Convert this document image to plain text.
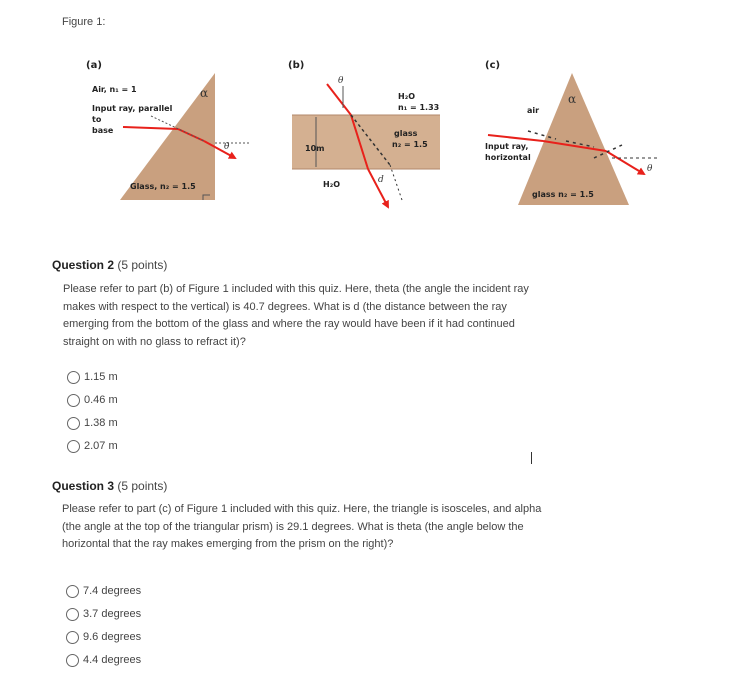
Figure 1:
(a)	(b)	(c)
Air, n₁ = 1
Input ray, parallel
to
base
α
θ
Glass, n₂ = 1.5
θ
H₂O
n₁ = 1.33
glass
n₂ = 1.5
10m
H₂O	d
α
air
Input ray,
horizontal
θ
glass n₂ = 1.5
Question 2 (5 points)
Please refer to part (b) of Figure 1 included with this quiz. Here, theta (the angle the incident ray makes with respect to the vertical) is 40.7 degrees. What is d (the distance between the ray emerging from the bottom of the glass and where the ray would have been if it had continued straight on with no glass to refract it)?
1.15 m
0.46 m
1.38 m
2.07 m
Question 3 (5 points)
Please refer to part (c) of Figure 1 included with this quiz. Here, the triangle is isosceles, and alpha (the angle at the top of the triangular prism) is 29.1 degrees. What is theta (the angle below the horizontal that the ray makes emerging from the prism on the right)?
7.4 degrees
3.7 degrees
9.6 degrees
4.4 degrees
